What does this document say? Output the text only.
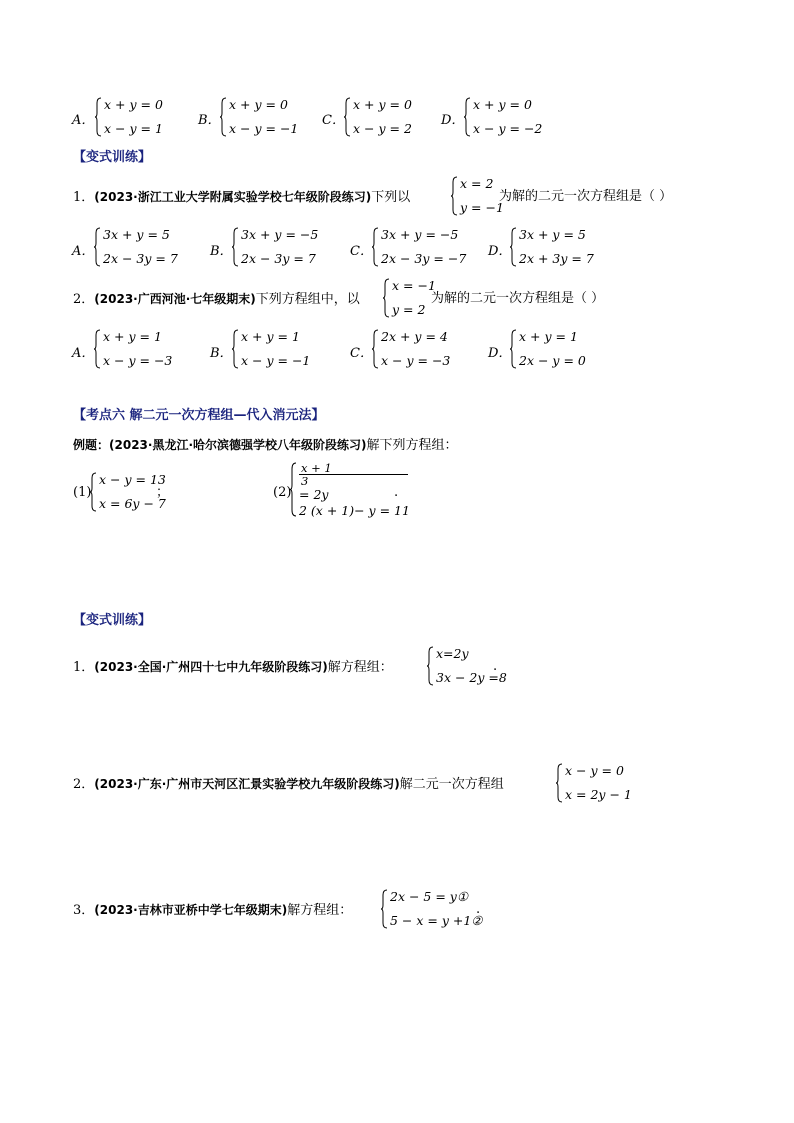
A．
x + y = 0
x − y = 1
B．
x + y = 0
x − y = −1
C．
x + y = 0
x − y = 2
D．
x + y = 0
x − y = −2
【变式训练】
1．(2023·浙江工业大学附属实验学校七年级阶段练习)下列以
x = 2
y = −1
为解的二元一次方程组是（ ）
A．
3x + y = 5
2x − 3y = 7 B．
3x + y = −5
2x − 3y = 7	C．
3x + y = −5
2x − 3y = −7 D．
3x + y = 5
2x + 3y = 7
2．(2023·广西河池·七年级期末)下列方程组中，以
x = −1
y = 2
为解的二元一次方程组是（ ）
A．
x + y = 1
x − y = −3	B．
x + y = 1
x − y = −1	C．
2x + y = 4
x − y = −3	D．
x + y = 1
2x − y = 0
【考点六 解二元一次方程组—代入消元法】
例题：(2023·黑龙江·哈尔滨德强学校八年级阶段练习)解下列方程组：
(1)
x − y = 13
x = 6y − 7
；	(2)
x + 1
3
= 2y
2 (x + 1)− y = 11
.
【变式训练】
1．(2023·全国·广州四十七中九年级阶段练习)解方程组：
x=2y
3x − 2y =8
.
2．(2023·广东·广州市天河区汇景实验学校九年级阶段练习)解二元一次方程组
x − y = 0
x = 2y − 1
3．(2023·吉林市亚桥中学七年级期末)解方程组：
2x − 5 = y①
5 − x = y +1②
.
